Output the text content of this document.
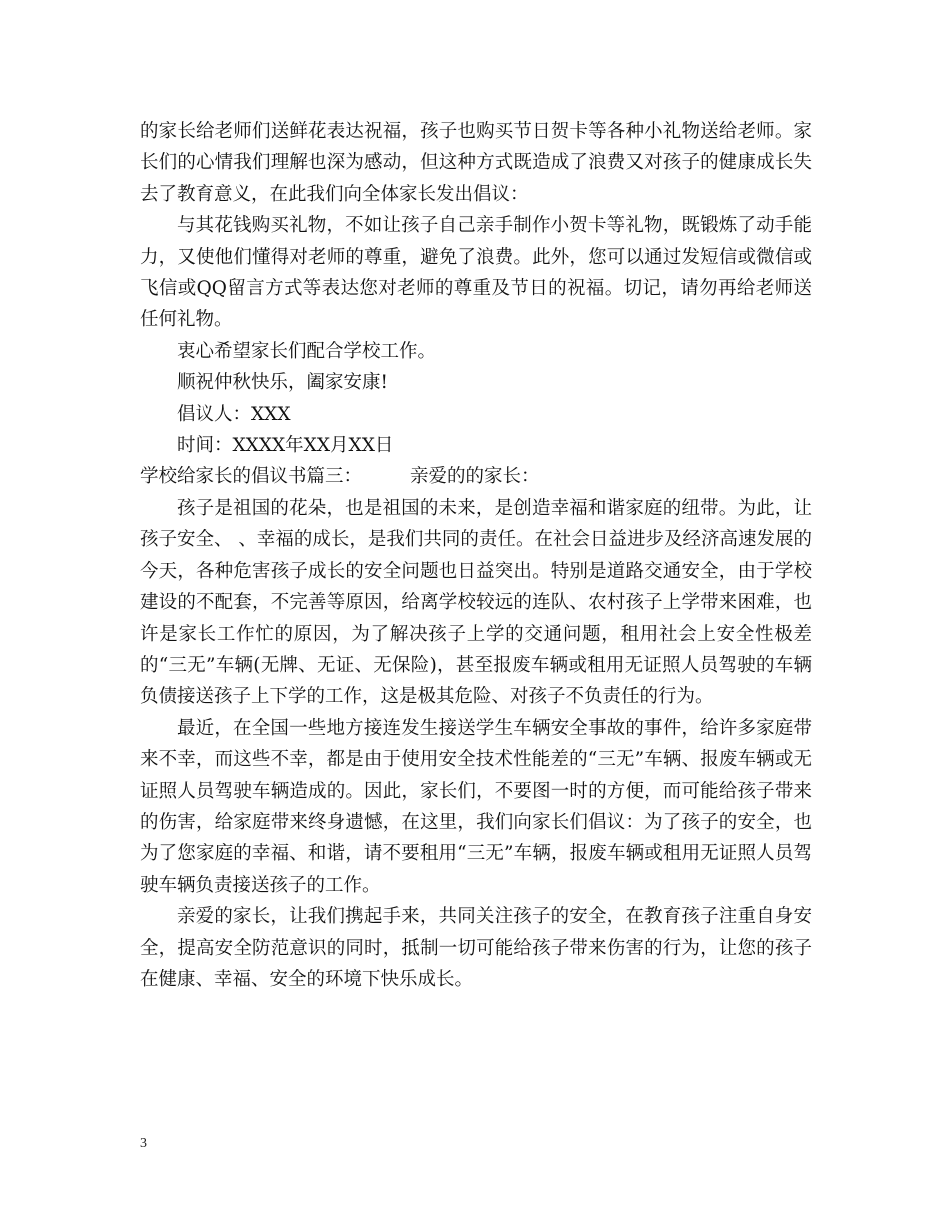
的家长给老师们送鲜花表达祝福，孩子也购买节日贺卡等各种小礼物送给老师。家长们的心情我们理解也深为感动，但这种方式既造成了浪费又对孩子的健康成长失去了教育意义，在此我们向全体家长发出倡议：

与其花钱购买礼物，不如让孩子自己亲手制作小贺卡等礼物，既锻炼了动手能力，又使他们懂得对老师的尊重，避免了浪费。此外，您可以通过发短信或微信或飞信或QQ留言方式等表达您对老师的尊重及节日的祝福。切记，请勿再给老师送任何礼物。

衷心希望家长们配合学校工作。

顺祝仲秋快乐，阖家安康!

倡议人：XXX

时间：XXXX年XX月XX日

学校给家长的倡议书篇三：	亲爱的的家长：

孩子是祖国的花朵，也是祖国的未来，是创造幸福和谐家庭的纽带。为此，让孩子安全、 、幸福的成长，是我们共同的责任。在社会日益进步及经济高速发展的今天，各种危害孩子成长的安全问题也日益突出。特别是道路交通安全，由于学校建设的不配套，不完善等原因，给离学校较远的连队、农村孩子上学带来困难，也许是家长工作忙的原因，为了解决孩子上学的交通问题，租用社会上安全性极差的“三无”车辆(无牌、无证、无保险)，甚至报废车辆或租用无证照人员驾驶的车辆负债接送孩子上下学的工作，这是极其危险、对孩子不负责任的行为。

最近，在全国一些地方接连发生接送学生车辆安全事故的事件，给许多家庭带来不幸，而这些不幸，都是由于使用安全技术性能差的“三无”车辆、报废车辆或无证照人员驾驶车辆造成的。因此，家长们，不要图一时的方便，而可能给孩子带来的伤害，给家庭带来终身遗憾，在这里，我们向家长们倡议：为了孩子的安全，也为了您家庭的幸福、和谐，请不要租用“三无”车辆，报废车辆或租用无证照人员驾驶车辆负责接送孩子的工作。

亲爱的家长，让我们携起手来，共同关注孩子的安全，在教育孩子注重自身安全，提高安全防范意识的同时，抵制一切可能给孩子带来伤害的行为，让您的孩子在健康、幸福、安全的环境下快乐成长。

3
